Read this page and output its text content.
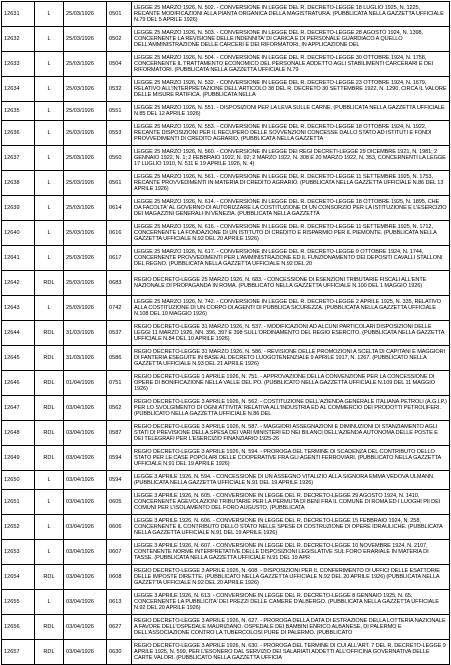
12631	L	25/03/1926	0501	LEGGE 25 MARZO 1926, N. 502. - CONVERSIONE IN LEGGE DEL R. DECRETO-LEGGE 18 LUGLIO 1925, N. 1225, RECANTE MODIFICAZIONI ALLA PIANTA ORGANICA DELLA MAGISTRATURA. (PUBBLICATA NELLA GAZZETTA UFFICIALE N.79 DEL 5 APRILE 1926)
12632	L	25/03/1926	0502	LEGGE 25 MARZO 1926, N. 503. - CONVERSIONE IN LEGGE DEL R. DECRETO-LEGGE 28 AGOSTO 1924, N. 1398, CONCERNENTE LA REVISIONE DELLE INDENNITA' DI CARICA E DI PERSONALE GUARDIACO A QUELLO DELL'AMMINISTRAZIONE DELLE CARCERI E DEI RIFORMATORI, IN APPLICAZIONE DEL
12633	L	25/03/1926	0504	LEGGE 25 MARZO 1926, N. 504. - CONVERSIONE IN LEGGE DEL R. DECRETO-LEGGE 30 OTTOBRE 1924, N. 1758, CONCERNENTE IL TRATTAMENTO ECONOMICO DEL PERSONALE ADDETTO AGLI STABILIMENTI CARCERARI E DEI RIFORMATORI. (PUBBLICATA NELLA GAZZETTA UFFICIALE N.79
12634	L	25/03/1926	0532	LEGGE 25 MARZO 1926, N. 532. - CONVERSIONE IN LEGGE DEL R. DECRETO-LEGGE 23 OTTOBRE 1924, N. 1679, RELATIVO ALL'INTERPRETAZIONE DELL'ARTICOLO 38 DEL R. DECRETO 30 SETTEMBRE 1922, N. 1290, CIRCA IL VALORE DELLE MISURE RATIFICA. (PUBBLICATA NELLA
12635	L	25/03/1926	0551	LEGGE 25 MARZO 1926, N. 551. - DISPOSIZIONI PER LA LEVA SULLE CARNE. (PUBBLICATA NELLA GAZZETTA UFFICIALE N.85 DEL 12 APRILE 1926)
12636	L	25/03/1926	0553	LEGGE 25 MARZO 1926, N. 553. - CONVERSIONE IN LEGGE DEL R. DECRETO-LEGGE 18 OTTOBRE 1924, N. 1922, RECANTE DISPOSIZIONI PER IL RECUPERO DELLE SOVVENZIONI CONCESSE DALLO STATO AD ISTITUTI E FONDI PROVVEDIMENTI DI CREDITO AGRARIO. (PUBBLICATA NELLA GAZZETTA
12637	L	25/03/1926	0560	LEGGE 25 MARZO 1926, N. 560. - CONVERSIONE IN LEGGE DEI REGI DECRETI-LEGGE 29 DICEMBRE 1921, N. 1981; 2 GENNAIO 1922, N. 1; 2 FEBBRAIO 1922, N. 92; 2 MARZO 1922, N. 308 E 20 MARZO 1922, N. 353, CONCERNENTI LA LEGGE 17 LUGLIO 1910, N. 511 E 19 APRILE 1926, N. 4)
12638	L	25/03/1926	0561	LEGGE 25 MARZO 1926, N. 561. - CONVERSIONE IN LEGGE DEL R. DECRETO-LEGGE 11 SETTEMBRE 1925, N. 1753, RECANTE PROVVEDIMENTI IN MATERIA DI CREDITO AGRARIO. (PUBBLICATA NELLA GAZZETTA UFFICIALE N.86 DEL 13 APRILE 1926)
12639	L	25/03/1926	0614	LEGGE 25 MARZO 1926, N. 614. - CONVERSIONE IN LEGGE DEL R. DECRETO-LEGGE 18 OTTOBRE 1925, N. 1895, CHE DA FACOLTA' AL GOVERNO DI AUTORIZZARE LA COSTITUZIONE DI UN CONSORZIO PER LA ISTITUZIONE E L'ESERCIZIO DEI MAGAZZINI GENERALI IN VENEZIA. (PUBBLICATA NELLA GAZZETTA
12640	L	25/03/1926	0616	LEGGE 25 MARZO 1926, N. 616. - CONVERSIONE IN LEGGE DEL R. DECRETO-LEGGE 11 SETTEMBRE 1925, N. 1712, CONCERNENTE LA FONDAZIONE DI UN ISTITUTO DI CREDITO E RISPARMIO PER IL PIEMONTE. (PUBBLICATA NELLA GAZZETTA UFFICIALE N.92 DEL 20 APRILE 1926)
12641	L	25/03/1926	0617	LEGGE 25 MARZO 1926, N. 617. - CONVERSIONE IN LEGGE DEL R. DECRETO-LEGGE 9 OTTOBRE 1924, N. 1744, CONCERNENTE PROVVEDIMENTI PER L'AMMINISTRAZIONE ED IL FUNZIONAMENTO DEI DEPOSITI CAVALLI STALLONI DEL REGNO. (PUBBLICATA NELLA GAZZETTA UFFICIALE N.92 DEL 20
12642	RDL	25/03/1926	0683	REGIO DECRETO-LEGGE 25 MARZO 1926, N. 683. - CONCESSIONE DI ESENZIONI TRIBUTARIE FISCALI ALL'ENTE NAZIONALE DI PROPAGANDA IN ROMA. (PUBBLICATO NELLA GAZZETTA UFFICIALE N.100 DEL 1 MAGGIO 1926)
12643	L	25/03/1926	0742	LEGGE 25 MARZO 1926, N. 742. - CONVERSIONE IN LEGGE DEL R. DECRETO-LEGGE 2 APRILE 1925, N. 335, RELATIVO ALLA COSTITUZIONE DI UN CORPO DI AGENTI DI PUBBLICA SICUREZZA. (PUBBLICATA NELLA GAZZETTA UFFICIALE N.108 DEL 10 MAGGIO 1926)
12644	RDL	31/03/1926	0537	REGIO DECRETO-LEGGE 31 MARZO 1926, N. 537. - MODIFICAZIONI AD ALCUNI PARTICOLARI DISPOSIZIONI DELLE LEGGI 11 MARZO 1926, NN. 396, 397 E 398 SULL'ORDINAMENTO DEL REGIO ESERCITO. (PUBBLICATA NELLA GAZZETTA UFFICIALE N.84 DEL 10 APRILE 1926)
12645	RDL	31/03/1926	0586	REGIO DECRETO-LEGGE 31 MARZO 1926, N. 586. - REVISIONE DELLE PROMOZIONI A SCELTA DI CAPITANI E MAGGIORI DI FANTERIA ESEGUITE IN BASE AL DECRETO LUOGOTENENZIALE 9 APRILE 1917, N. 1267. (PUBBLICATO NELLA GAZZETTA UFFICIALE N.93 DEL 21 APRILE 1926)
12646	RDL	01/04/1926	0751	REGIO DECRETO-LEGGE 1 APRILE 1926, N. 751. - APPROVAZIONE DELLA CONVENZIONE PER LA CONCESSIONE DI OPERE DI BONIFICAZIONE NELLA VALLE DEL PO. (PUBBLICATO NELLA GAZZETTA UFFICIALE N.109 DEL 11 MAGGIO 1926)
12647	RDL	03/04/1926	0562	REGIO DECRETO-LEGGE 3 APRILE 1926, N. 562. - COSTITUZIONE DELL'AZIENDA GENERALE ITALIANA PETROLI (A.G.I.P.) PER LO SVOLGIMENTO DI OGNI ATTIVITA' RELATIVA ALL'INDUSTRIA ED AL COMMERCIO DEI PRODOTTI PETROLIFERI. (PUBBLICATO NELLA GAZZETTA UFFICIALE N.86 DEL
12648	RDL	03/04/1926	0587	REGIO DECRETO-LEGGE 3 APRILE 1926, N. 587. - MAGGIORI ASSEGNAZIONI E DIMINUZIONI DI STANZIAMENTO AGLI STATI DI PREVISIONE DELLA SPESA DEI VARI MINISTERI ED NEI BILANCI DELL'AZIENDA AUTONOMA DELLE POSTE E DEI TELEGRAFI PER L'ESERCIZIO FINANZIARIO 1925-26
12649	RDL	03/04/1926	0594	REGIO DECRETO-LEGGE 3 APRILE 1926, N. 594. - PROROGA DEL TERMINE DI SCADENZA DEL CONTRIBUTO DELLO STATO PER LE CASE POPOLARI DELLE COOPERATIVE FRA GLI AGENTI FERROVIARI. (PUBBLICATO NELLA GAZZETTA UFFICIALE N.91 DEL 19 APRILE 1926)
12650	L	03/04/1926	0594	LEGGE 3 APRILE 1926, N. 594. - CONCESSIONE DI UN ASSEGNO VITALIZIO ALLA SIGNORA EMMA VEDOVA ULMANN. (PUBBLICATA NELLA GAZZETTA UFFICIALE N.91 DEL 19 APRILE 1926)
12651	L	03/04/1926	0605	LEGGE 3 APRILE 1926, N. 605. - CONVERSIONE IN LEGGE DEL R. DECRETO-LEGGE 29 AGOSTO 1924, N. 1410, CONCERNENTE AGEVOLAZIONI TRIBUTARIE PER LA PERMUTA DI BENI FRA IL COMUNE DI ROMA ED I LUOGHI PII DEI COMUNI PER L'ISOLAMENTO DEL FORO AUGUSTO. (PUBBLICATA
12652	L	03/04/1926	0606	LEGGE 3 APRILE 1926, N. 606. - CONVERSIONE IN LEGGE DEL R. DECRETO-LEGGE 15 FEBBRAIO 1924, N. 258, CONCERNENTE IL CONTRIBUTO DELLO STATO NELLE SPESE DI COSTRUZIONE DI OPERE IDRAULICHE. (PUBBLICATA NELLA GAZZETTA UFFICIALE N.91 DEL 19 APRILE 1926)
12653	L	03/04/1926	0607	LEGGE 3 APRILE 1926, N. 607. - CONVERSIONE IN LEGGE DEL R. DECRETO-LEGGE 10 NOVEMBRE 1924, N. 2107, CONTENENTE NORME INTERPRETATIVE DELLE DISPOSIZIONI LEGISLATIVE SUL FORO ERARIALE IN MATERIA DI TASSE. (PUBBLICATA NELLA GAZZETTA UFFICIALE N.91 DEL 19 APR
12654	RDL	03/04/1926	0608	REGIO DECRETO-LEGGE 3 APRILE 1926, N. 608. - DISPOSIZIONI PER IL CONFERIMENTO DI UFFICI DELLE ESATTORIE DELLE IMPOSTE DIRETTE. (PUBBLICATO NELLA GAZZETTA UFFICIALE N.92 DEL 20 APRILE 1926) (PUBBLICATA NELLA GAZZETTA UFFICIALE N.92 DEL 20 APRILE 1926)
12655	L	03/04/1926	0613	LEGGE 3 APRILE 1926, N. 613. - CONVERSIONE IN LEGGE DEL R. DECRETO-LEGGE 8 GENNAIO 1925, N. 65, CONCERNENTE LA PUBBLICITA' DEI PREZZI DELLE CAMERE D'ALBERGO. (PUBBLICATA NELLA GAZZETTA UFFICIALE N.92 DEL 20 APRILE 1926)
12656	RDL	03/04/1926	0627	REGIO DECRETO-LEGGE 3 APRILE 1926, N. 627. - PROROGA DELLA DATA DI ESTRAZIONE DELLA LOTTERIA NAZIONALE A FAVORE DELL'OSPEDALE MAURIZIANO. OSPEDALE DEI BAMBINI ENRICO ALBANESE, DI PALERMO E DELL'ASSOCIAZIONE CONTRO LA TUBERCOLOSI PURE DI PALERMO. (PUBBLICATO
12657	RDL	03/04/1926	0630	REGIO DECRETO-LEGGE 3 APRILE 1926, N. 630. - PROROGA DEL TERMINE DI CUI ALL'ART. 7 DEL R. DECRETO-LEGGE 9 APRILE 1925, N. 599, PER L'ESONERO DAL SERVIZIO DEI SALARIATI ADDETTI ALL'OFFICINA GOVERNATIVA DELLE CARTE VALORI. (PUBBLICATO NELLA GAZZETTA UFFICIA
